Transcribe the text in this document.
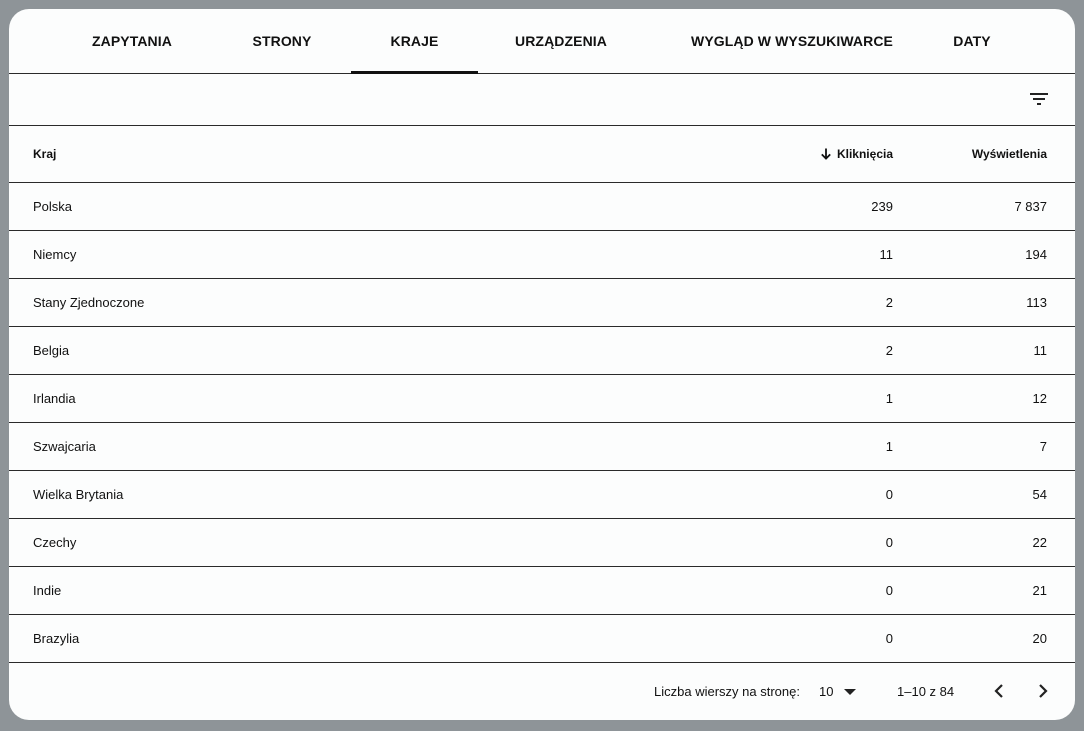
ZAPYTANIA	STRONY	KRAJE	URZĄDZENIA	WYGLĄD W WYSZUKIWARCE	DATY
Kraj	Kliknięcia	Wyświetlenia
Polska	239	7 837
Niemcy	11	194
Stany Zjednoczone	2	113
Belgia	2	11
Irlandia	1	12
Szwajcaria	1	7
Wielka Brytania	0	54
Czechy	0	22
Indie	0	21
Brazylia	0	20
Liczba wierszy na stronę: 10	1–10 z 84
